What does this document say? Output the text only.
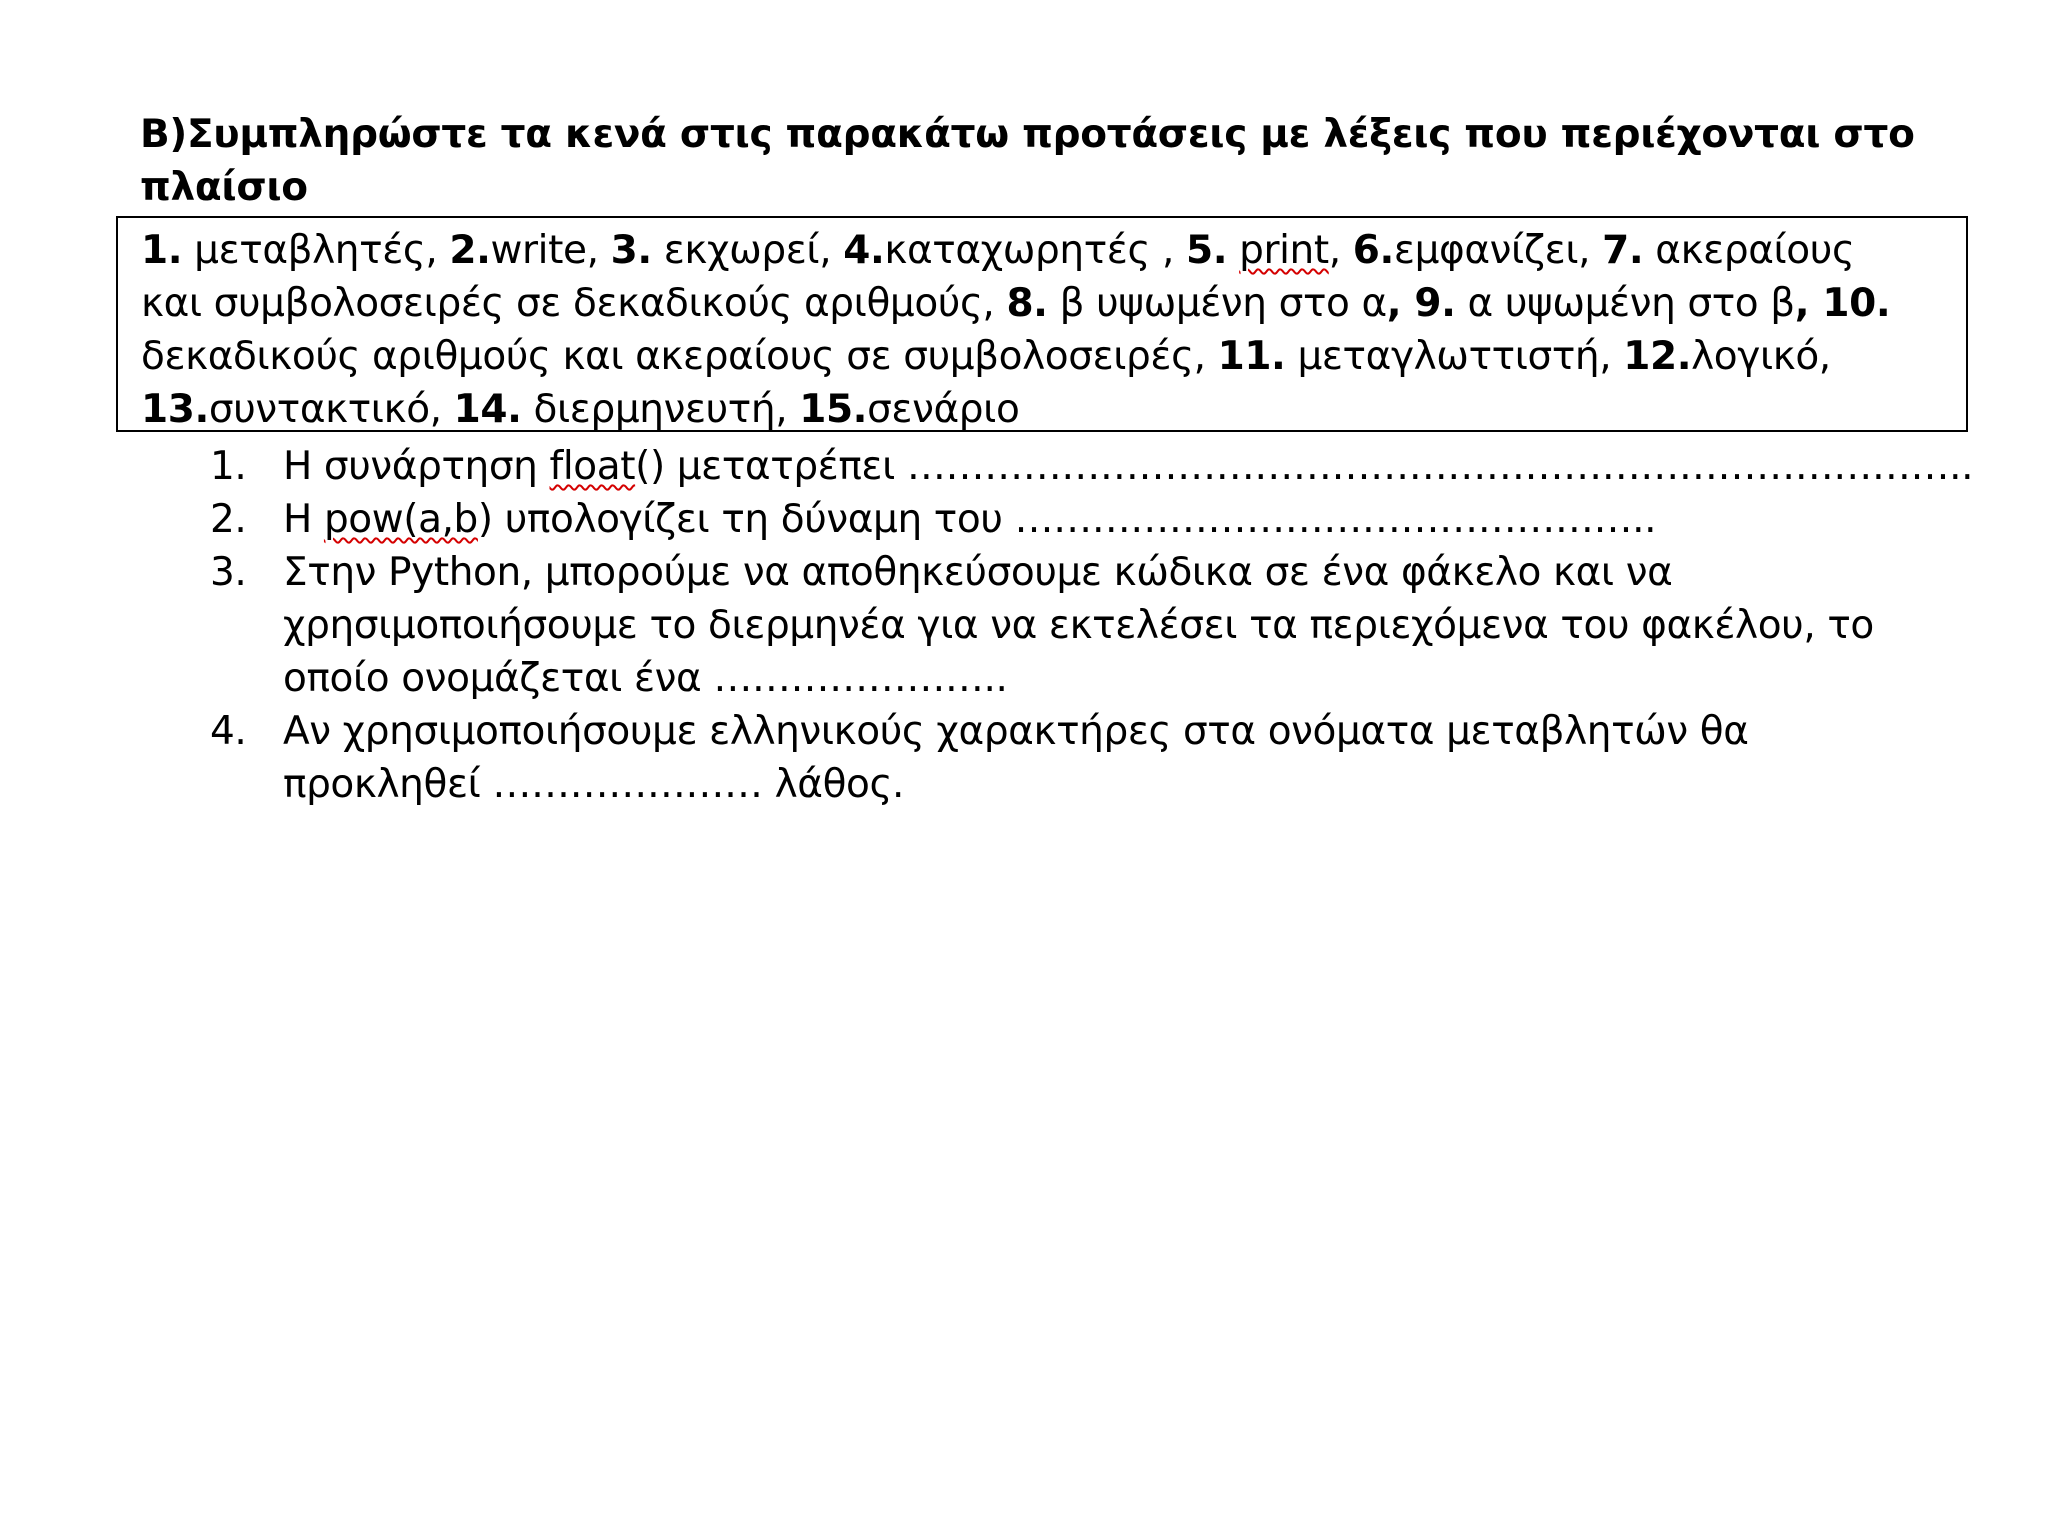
Β)Συμπληρώστε τα κενά στις παρακάτω προτάσεις με λέξεις που περιέχονται στο
πλαίσιο
1. μεταβλητές, 2.write, 3. εκχωρεί, 4.καταχωρητές , 5. print, 6.εμφανίζει, 7. ακεραίους
και συμβολοσειρές σε δεκαδικούς αριθμούς, 8. β υψωμένη στο α, 9. α υψωμένη στο β, 10.
δεκαδικούς αριθμούς και ακεραίους σε συμβολοσειρές, 11. μεταγλωττιστή, 12.λογικό,
13.συντακτικό, 14. διερμηνευτή, 15.σενάριο
1. Η συνάρτηση float() μετατρέπει ………………………………………………………………………..
2. Η pow(a,b) υπολογίζει τη δύναμη του …………………………………………..
3. Στην Python, μπορούμε να αποθηκεύσουμε κώδικα σε ένα φάκελο και να
χρησιμοποιήσουμε το διερμηνέα για να εκτελέσει τα περιεχόμενα του φακέλου, το
οποίο ονομάζεται ένα …………………..
4. Αν χρησιμοποιήσουμε ελληνικούς χαρακτήρες στα ονόματα μεταβλητών θα
προκληθεί ………………… λάθος.
